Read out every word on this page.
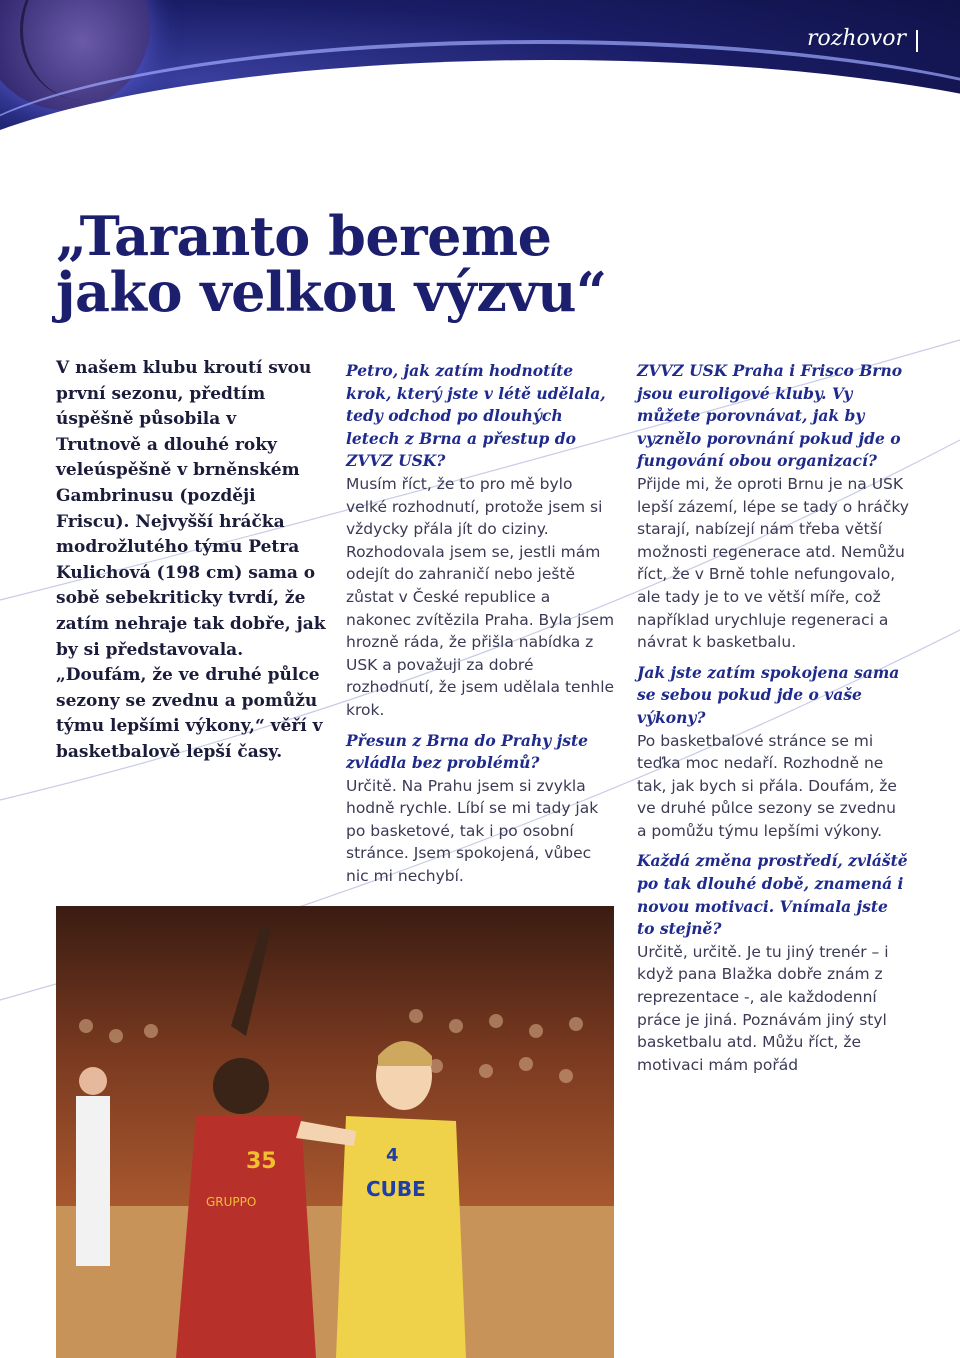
rozhovor
„Taranto bereme
jako velkou výzvu“

V našem klubu kroutí svou první sezonu, předtím úspěšně působila v Trutnově a dlouhé roky veleúspěšně v brněnském Gambrinusu (později Friscu). Nejvyšší hráčka modrožlutého týmu Petra Kulichová (198 cm) sama o sobě sebekriticky tvrdí, že zatím nehraje tak dobře, jak by si představovala. „Doufám, že ve druhé půlce sezony se zvednu a pomůžu týmu lepšími výkony,“ věří v basketbalově lepší časy.

Petro, jak zatím hodnotíte krok, který jste v létě udělala, tedy odchod po dlouhých letech z Brna a přestup do ZVVZ USK?
Musím říct, že to pro mě bylo velké rozhodnutí, protože jsem si vždycky přála jít do ciziny. Rozhodovala jsem se, jestli mám odejít do zahraničí nebo ještě zůstat v České republice a nakonec zvítězila Praha. Byla jsem hrozně ráda, že přišla nabídka z USK a považuji za dobré rozhodnutí, že jsem udělala tenhle krok.

Přesun z Brna do Prahy jste zvládla bez problémů?
Určitě. Na Prahu jsem si zvykla hodně rychle. Líbí se mi tady jak po basketové, tak i po osobní stránce. Jsem spokojená, vůbec nic mi nechybí.

ZVVZ USK Praha i Frisco Brno jsou euroligové kluby. Vy můžete porovnávat, jak by vyznělo porovnání pokud jde o fungování obou organizací?
Přijde mi, že oproti Brnu je na USK lepší zázemí, lépe se tady o hráčky starají, nabízejí nám třeba větší možnosti regenerace atd. Nemůžu říct, že v Brně tohle nefungovalo, ale tady je to ve větší míře, což například urychluje regeneraci a návrat k basketbalu.

Jak jste zatím spokojena sama se sebou pokud jde o vaše výkony?
Po basketbalové stránce se mi teďka moc nedaří. Rozhodně ne tak, jak bych si přála. Doufám, že ve druhé půlce sezony se zvednu a pomůžu týmu lepšími výkony.

Každá změna prostředí, zvláště po tak dlouhé době, znamená i novou motivaci. Vnímala jste to stejně?
Určitě, určitě. Je tu jiný trenér – i když pana Blažka dobře znám z reprezentace -, ale každodenní práce je jiná. Poznávám jiný styl basketbalu atd. Můžu říct, že motivaci mám pořád

35
GRUPPO
CUBE
4
